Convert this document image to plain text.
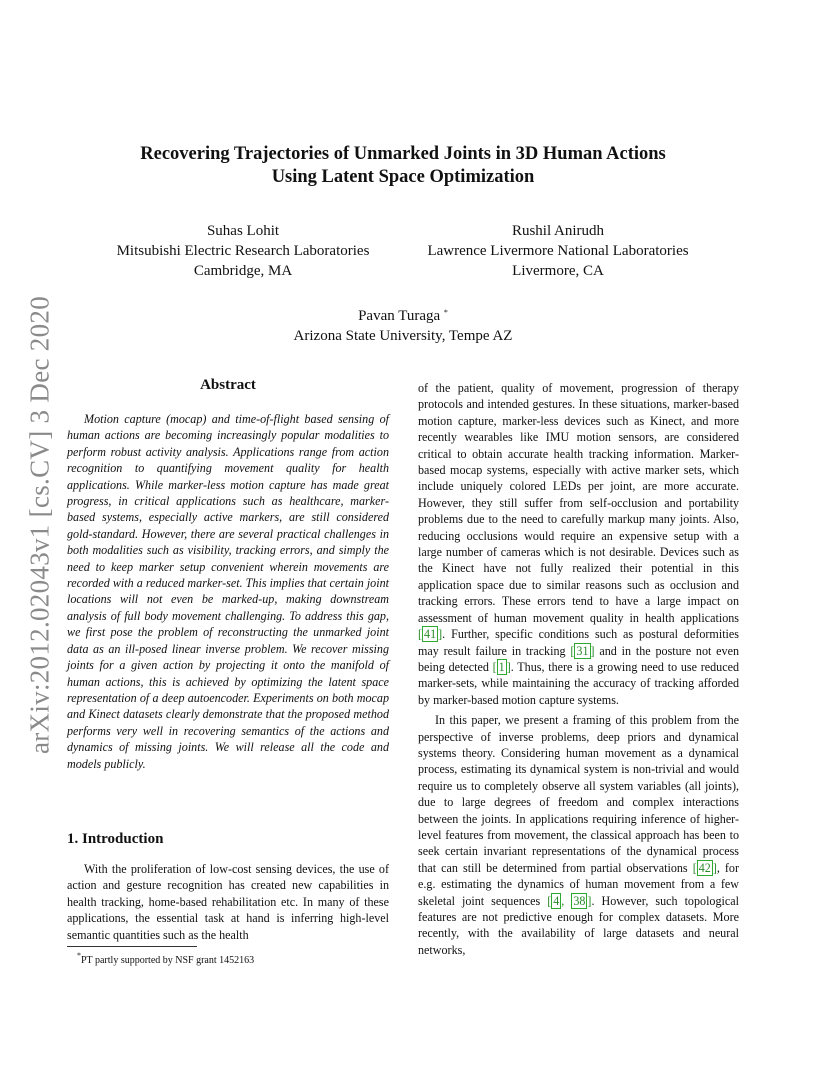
arXiv:2012.02043v1 [cs.CV] 3 Dec 2020
Recovering Trajectories of Unmarked Joints in 3D Human Actions
Using Latent Space Optimization
Suhas Lohit
Mitsubishi Electric Research Laboratories
Cambridge, MA
Rushil Anirudh
Lawrence Livermore National Laboratories
Livermore, CA
Pavan Turaga *
Arizona State University, Tempe AZ
Abstract
Motion capture (mocap) and time-of-flight based sensing of human actions are becoming increasingly popular modalities to perform robust activity analysis. Applications range from action recognition to quantifying movement quality for health applications. While marker-less motion capture has made great progress, in critical applications such as healthcare, marker-based systems, especially active markers, are still considered gold-standard. However, there are several practical challenges in both modalities such as visibility, tracking errors, and simply the need to keep marker setup convenient wherein movements are recorded with a reduced marker-set. This implies that certain joint locations will not even be marked-up, making downstream analysis of full body movement challenging. To address this gap, we first pose the problem of reconstructing the unmarked joint data as an ill-posed linear inverse problem. We recover missing joints for a given action by projecting it onto the manifold of human actions, this is achieved by optimizing the latent space representation of a deep autoencoder. Experiments on both mocap and Kinect datasets clearly demonstrate that the proposed method performs very well in recovering semantics of the actions and dynamics of missing joints. We will release all the code and models publicly.
1. Introduction
With the proliferation of low-cost sensing devices, the use of action and gesture recognition has created new capabilities in health tracking, home-based rehabilitation etc. In many of these applications, the essential task at hand is inferring high-level semantic quantities such as the health
*PT partly supported by NSF grant 1452163

of the patient, quality of movement, progression of therapy protocols and intended gestures. In these situations, marker-based motion capture, marker-less devices such as Kinect, and more recently wearables like IMU motion sensors, are considered critical to obtain accurate health tracking information. Marker-based mocap systems, especially with active marker sets, which include uniquely colored LEDs per joint, are more accurate. However, they still suffer from self-occlusion and portability problems due to the need to carefully markup many joints. Also, reducing occlusions would require an expensive setup with a large number of cameras which is not desirable. Devices such as the Kinect have not fully realized their potential in this application space due to similar reasons such as occlusion and tracking errors. These errors tend to have a large impact on assessment of human movement quality in health applications [ 41 ]. Further, specific conditions such as postural deformities may result failure in tracking [ 31 ] and in the posture not even being detected [ 1 ]. Thus, there is a growing need to use reduced marker-sets, while maintaining the accuracy of tracking afforded by marker-based motion capture systems.

In this paper, we present a framing of this problem from the perspective of inverse problems, deep priors and dynamical systems theory. Considering human movement as a dynamical process, estimating its dynamical system is non-trivial and would require us to completely observe all system variables (all joints), due to large degrees of freedom and complex interactions between the joints. In applications requiring inference of higher-level features from movement, the classical approach has been to seek certain invariant representations of the dynamical process that can still be determined from partial observations [ 42 ], for e.g. estimating the dynamics of human movement from a few skeletal joint sequences [ 4 , 38 ]. However, such topological features are not predictive enough for complex datasets. More recently, with the availability of large datasets and neural networks,
